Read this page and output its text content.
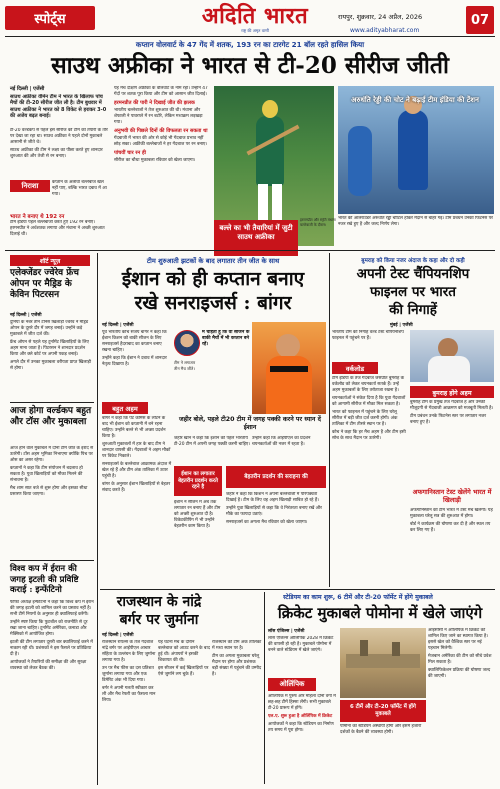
स्पोर्ट्स	अदिति भारत
राष्ट्र की अमृत वाणी
रायपुर, शुक्रवार, 24 अप्रैल, 2026
www.adityabharat.com
07
कप्तान वोलवार्ट के 47 गेंद में शतक, 193 रन का टारगेट 21 बॉल रहते हासिल किया
साउथ अफ्रीका ने भारत से टी-20 सीरीज जीती
नई दिल्ली | एजेंसी
साउथ अफ्रीका वीमेन टीम ने भारत के खिलाफ पांच मैचों की टी-20 सीरीज जीत ली है। टीम बुधवार में साउथ अफ्रीका ने भारत को 8 विकेट से हराकर 3-0 की अजेय बढ़त बनाई।

टी-20 वर्ल्डकप से पहले इस सीरीज को टीम की तैयारी के तौर पर देखा जा रहा था। साउथ अफ्रीका ने पहले दोनों मुकाबले आसानी से जीते थे।

साउथ अफ्रीका की टीम ने लक्ष्य का पीछा करते हुए शानदार शुरुआत की और तेजी से रन बनाए।

निराशा	कप्तान के अलावा बल्लेबाज खेल नहीं पाए, बल्कि भारत दबाव में आ गया।

भारत ने बनाए थे 192 रन

टीम इंडिया पहले बल्लेबाजी करते हुए 192 रन बनाए। हरमनप्रीत ने अर्धशतक लगाया और मंधाना ने अच्छी शुरुआत दिलाई थी।

यह मैच दक्षिण अफ्रीका के वोलवार्ट के नाम रहा। उन्होंने 47 गेंदों पर शतक पूरा किया और टीम को आसान जीत दिलाई।

हरमनप्रीत की पारी ने दिखाई जीत की झलक

भारतीय बल्लेबाजों ने तेज शुरुआत की थी। मंधाना और शेफाली ने पावरप्ले में रन बटोरे, लेकिन मध्यक्रम लड़खड़ा गया।

अनुभवी की पिछले दिनों की विफलता रन सकता था

गेंदबाजी में भारत की ओर से कोई भी गेंदबाज प्रभाव नहीं छोड़ सका। अफ्रीकी बल्लेबाजों ने हर गेंदबाज पर रन बनाए।

पांचवीं चार रन ही

सीरीज का चौथा मुकाबला रविवार को खेला जाएगा।

बल्ले का भी तैयारियां में जुटी साउथ अफ्रीका
अरुधंति रेड्डी की चोट ने बढ़ाई टीम इंडिया की टेंशन

भारत की ऑलराउंडर अरुंधति रेड्डी चोटिल होकर मैदान से बाहर गईं। टीम प्रबंधन उनकी फिटनेस पर नजर रखे हुए है और जल्द निर्णय लेगा।

हरमनप्रीत और स्मृति मंधाना बल्लेबाजी के दौरान।

शॉर्ट न्यूज़
एलेक्जेंडर ज्वेरेव फ्रेंच ओपन पर मैड्रिड के केविन पिटरसन
नई दिल्ली | एजेंसी

दुनिया के नंबर तीन टेनिस खिलाड़ी ज्वेरेव ने मैड्रिड ओपन के दूसरे दौर में जगह बनाई। उन्होंने कड़े मुकाबले में जीत दर्ज की।

फ्रेंच ओपन से पहले यह टूर्नामेंट खिलाड़ियों के लिए अहम माना जाता है। पिटरसन ने शानदार प्रदर्शन किया और क्ले कोर्ट पर अपनी पकड़ बनाई।

अगले दौर में उनका मुकाबला वरीयता प्राप्त खिलाड़ी से होगा।

आज होगा वर्ल्डकप बहुत और टॉस और मुकाबला

आज होने वाले मुकाबले में दोनों टीमें जीत के इरादे से उतरेंगी। टॉस अहम भूमिका निभाएगा क्योंकि पिच पर ओस का असर रहेगा।

कप्तानों ने कहा कि टीम संयोजन में बदलाव हो सकता है। युवा खिलाड़ियों को मौका मिलने की संभावना है।

मैच शाम सात बजे से शुरू होगा और इसका सीधा प्रसारण किया जाएगा।

विश्व कप में ईरान की जगह इटली की प्रविष्टि कराई : इन्फेंटिनो

फीफा अध्यक्ष इन्फेंटिनो ने कहा कि विश्व कप में ईरान की जगह इटली को शामिल करने का प्रस्ताव नहीं है। सभी टीमें नियमों के अनुसार ही क्वालिफाई करेंगी।

उन्होंने स्पष्ट किया कि फुटबॉल को राजनीति से दूर रखा जाना चाहिए। टूर्नामेंट अमेरिका, कनाडा और मेक्सिको में आयोजित होगा।

इटली की टीम लगातार दूसरी बार क्वालिफाई करने में नाकाम रही थी। प्रशंसकों ने इस फैसले पर प्रतिक्रिया दी है।

आयोजकों ने तैयारियों की समीक्षा की और सुरक्षा व्यवस्था को लेकर बैठक की।

टीम शुरुआती झटकों के बाद लगातार तीन जीत के साथ
ईशान को ही कप्तान बनाए
रखे सनराइजर्स : बांगर
नई दिल्ली | एजेंसी

पूर्व भारतीय कोच संजय बांगर ने कहा कि ईशान किशन को बाकी सीजन के लिए सनराइजर्स हैदराबाद का कप्तान बनाए रखना चाहिए।

उन्होंने कहा कि ईशान ने दबाव में शानदार नेतृत्व दिखाया है।

मैं चाहता हूं कि वो सीजन के बाकी मैचों में भी कप्तान बने रहें।

टीम ने लगातार तीन मैच जीते।

बहुत अहम

बांगर ने कहा कि पैट कमिंस के लौटने के बाद भी ईशान को कप्तानी में बने रहना चाहिए। उन्होंने बल्ले से भी अच्छा प्रदर्शन किया है।

शुरुआती मुकाबलों में हार के बाद टीम ने शानदार वापसी की। गेंदबाजों ने अहम मौकों पर विकेट निकाले।

सनराइजर्स के बल्लेबाज आक्रामक अंदाज में खेल रहे हैं और टीम अंक तालिका में ऊपर पहुंची है।

बांगर के अनुसार ईशान खिलाड़ियों से बेहतर संवाद करते हैं।

जहीर बोले, पहले टी20 टीम में जगह पक्की करने पर ध्यान दें ईशान

जहीर खान ने कहा कि ईशान को पहले भारतीय टी-20 टीम में अपनी जगह पक्की करनी चाहिए।

उन्होंने कहा कि आईपीएल का प्रदर्शन चयनकर्ताओं की नजर में रहता है।

ईशान का लगातार बेहतरीन प्रदर्शन करते रहने है

ईशान ने सीजन में अब तक लगातार रन बनाए हैं और टीम को अच्छी शुरुआत दी है। विकेटकीपिंग में भी उन्होंने बेहतरीन काम किया है।

बेहतरीन प्रदर्शन की सराहना की

जहीर ने कहा कि किशन ने अपनी बल्लेबाजी में परिपक्वता दिखाई है। टीम के लिए वह अहम खिलाड़ी साबित हो रहे हैं।

उन्होंने युवा खिलाड़ियों से कहा कि वे निरंतरता बनाए रखें और मौके का फायदा उठाएं।

सनराइजर्स का अगला मैच रविवार को खेला जाएगा।

बुमराह को किया नजर अंदाज के कहा और दो कही
अपनी टेस्ट चैंपियनशिप
फाइनल पर भारत
की निगाहें
मुंबई | एजेंसी

भारतीय टीम की निगाहें वर्ल्ड टेस्ट चैंपियनशिप फाइनल में पहुंचने पर हैं।

वर्कलोड

टीम इंडिया के तेज गेंदबाज जसप्रीत बुमराह के वर्कलोड को लेकर चयनकर्ता सतर्क हैं। उन्हें अहम मुकाबलों के लिए तरोताजा रखना है।

चयनकर्ताओं ने संकेत दिया है कि युवा गेंदबाजों को आगामी सीरीज में मौका मिल सकता है।

भारत को फाइनल में पहुंचने के लिए घरेलू सीरीज में बड़ी जीत दर्ज करनी होगी। अंक तालिका में टीम तीसरे स्थान पर है।

कोच ने कहा कि हर मैच अहम है और टीम इसी सोच के साथ मैदान पर उतरेगी।

बुमराह होंगे अहम

बुमराह टीम के प्रमुख तेज गेंदबाज हैं और उनकी मौजूदगी से गेंदबाजी आक्रमण को मजबूती मिलती है।

टीम प्रबंधन उनके फिटनेस स्तर पर लगातार नजर बनाए हुए है।

अफगानिस्तान टेस्ट खेलेंगे भारत में खिलाड़ी

अफगानिस्तान की टीम भारत में टेस्ट मैच खेलेगी। यह मुकाबला घरेलू सत्र की शुरुआत में होगा।

बोर्ड ने कार्यक्रम की घोषणा कर दी है और स्थल तय कर लिए गए हैं।

राजस्थान के नांद्रे
बर्गर पर जुर्माना
नई दिल्ली | एजेंसी

राजस्थान रॉयल्स के तेज गेंदबाज नांद्रे बर्गर पर आईपीएल आचार संहिता के उल्लंघन के लिए जुर्माना लगाया गया है।

उन पर मैच फीस का दस प्रतिशत जुर्माना लगाया गया और एक डिमेरिट अंक भी दिया गया।

बर्गर ने अपनी गलती स्वीकार कर ली और मैच रेफरी का फैसला मान लिया।

यह घटना मैच के दौरान बल्लेबाज को आउट करने के बाद हुई थी। अंपायरों ने इसकी शिकायत की थी।

इस सीजन में कई खिलाड़ियों पर ऐसे जुर्माने लग चुके हैं।

राजस्थान की टीम अंक तालिका में मध्य स्थान पर है।

टीम का अगला मुकाबला घरेलू मैदान पर होगा और प्रशंसक बड़ी संख्या में पहुंचने की उम्मीद है।

स्टेडियम का काम शुरू, 6 टीमें और टी-20 फॉर्मेट में होंगे मुकाबले
क्रिकेट मुकाबले पोमोना में खेले जाएंगे
लॉस एंजिल्स | एजेंसी

लॉस एंजिल्स ओलिंपिक 2028 में क्रिकेट की वापसी हो रही है। मुकाबले पोमोना में बनने वाले स्टेडियम में खेले जाएंगे।

ओलिंपिक

ओलिंपिक में पुरुष और महिला दोनों वर्गों में छह-छह टीमें हिस्सा लेंगी। सभी मुकाबले टी-20 प्रारूप में होंगे।

एल.ए. शुरू हुआ है ओलिंपिक में क्रिकेट

आयोजकों ने कहा कि स्टेडियम का निर्माण तय समय में पूरा होगा।

6 टीमें और टी-20 फॉर्मेट में होंगे मुकाबले

पोमोना का स्टेडियम अस्थायी होगा और इसमें हजारों दर्शकों के बैठने की व्यवस्था होगी।

आईसीसी ने ओलिंपिक में क्रिकेट को शामिल किए जाने का स्वागत किया है। इससे खेल को वैश्विक स्तर पर नई पहचान मिलेगी।

मेजबान अमेरिका की टीम को सीधे प्रवेश मिल सकता है।

क्वालिफिकेशन प्रक्रिया की घोषणा जल्द की जाएगी।
